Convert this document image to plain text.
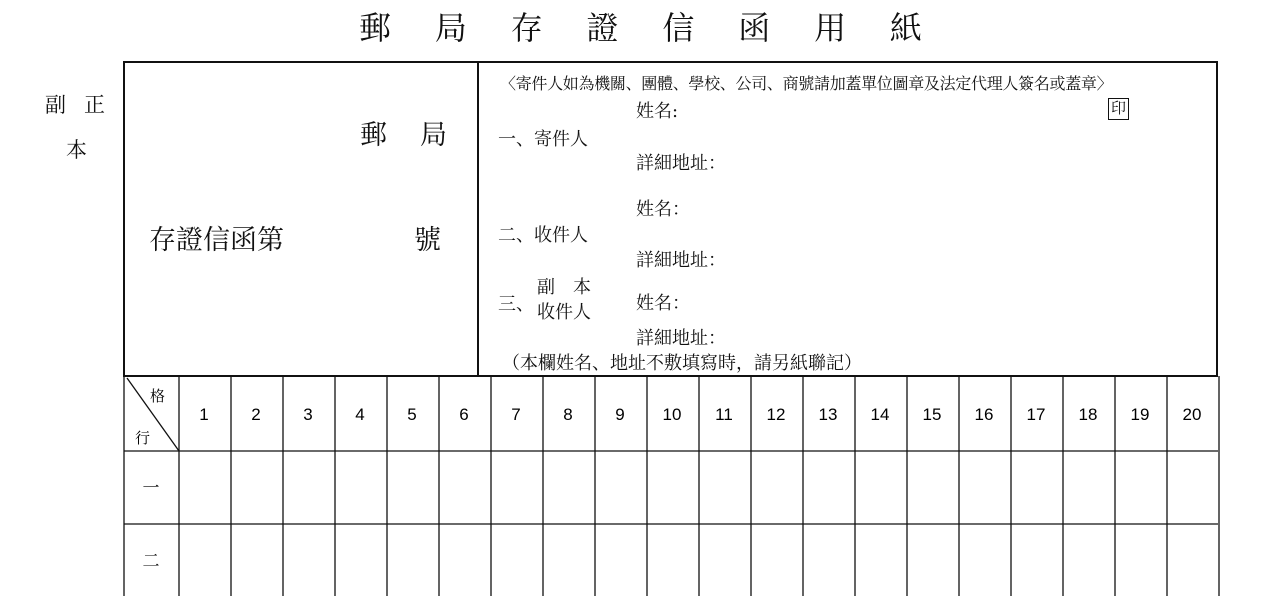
郵 局 存 證 信 函 用 紙
副 正
本	郵 局
存證信函第	號
〈寄件人如為機關、團體、學校、公司、商號請加蓋單位圖章及法定代理人簽名或蓋章〉
一、寄件人
姓名:	印
詳細地址：
二、收件人
姓名：
詳細地址：
三、
副　本
收件人	姓名：
詳細地址：
（本欄姓名、地址不敷填寫時，請另紙聯記）
格
行
1	2	3	4	5	6	7	8	9 10 11 12 13 14 15 16 17 18 19 20
一
二
